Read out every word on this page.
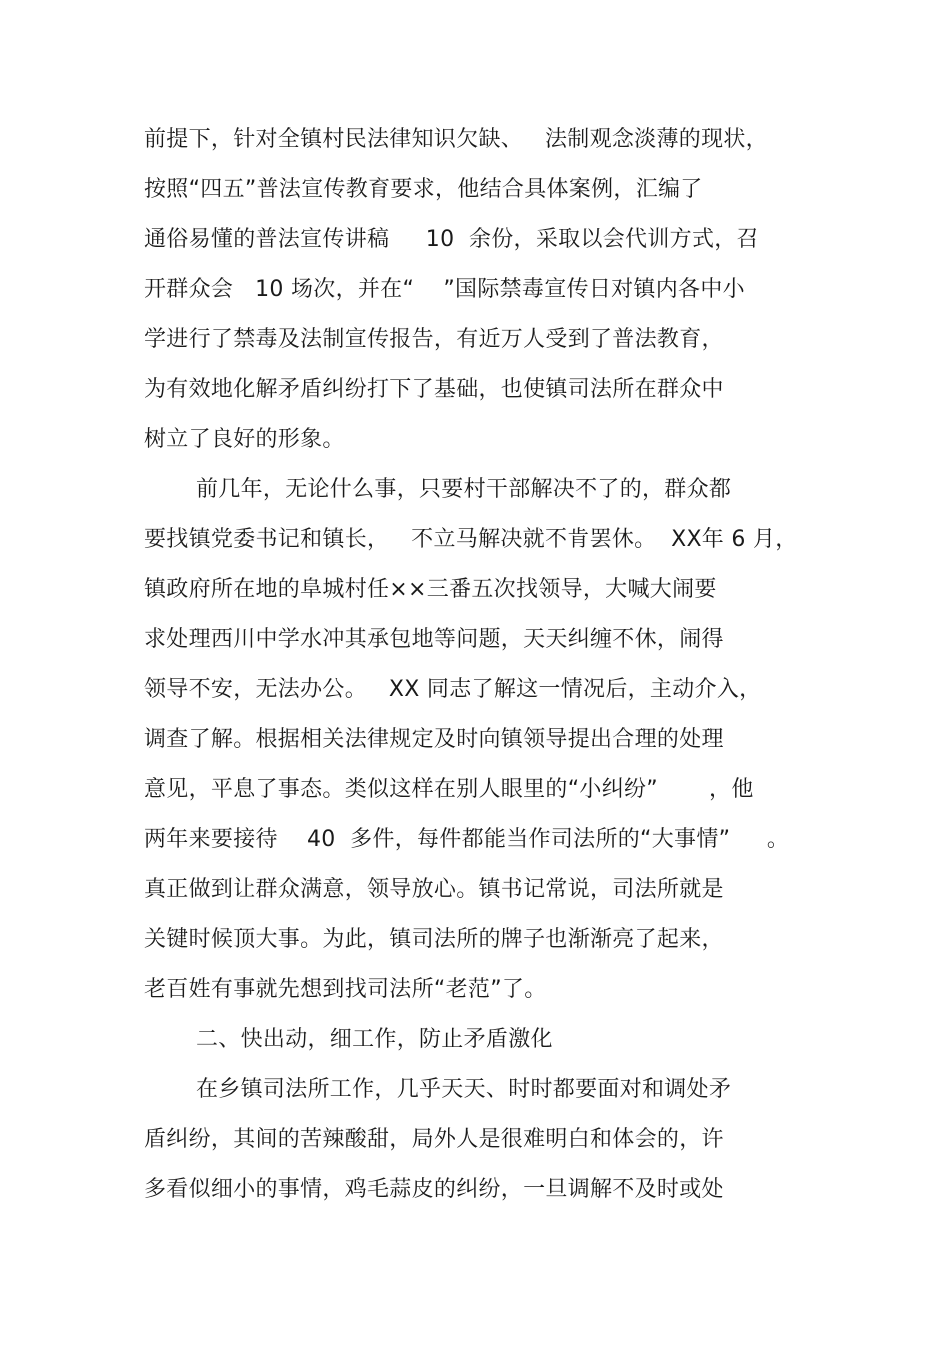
前提下，针对全镇村民法律知识欠缺、   法制观念淡薄的现状，
按照“四五”普法宣传教育要求，他结合具体案例，汇编了
通俗易懂的普法宣传讲稿     10  余份，采取以会代训方式，召
开群众会   10 场次，并在“    ”国际禁毒宣传日对镇内各中小
学进行了禁毒及法制宣传报告，有近万人受到了普法教育，
为有效地化解矛盾纠纷打下了基础，也使镇司法所在群众中
树立了良好的形象。
前几年，无论什么事，只要村干部解决不了的，群众都
要找镇党委书记和镇长，   不立马解决就不肯罢休。  XX年 6 月，
镇政府所在地的阜城村任××三番五次找领导，大喊大闹要
求处理西川中学水冲其承包地等问题，天天纠缠不休，闹得
领导不安，无法办公。   XX 同志了解这一情况后，主动介入，
调查了解。根据相关法律规定及时向镇领导提出合理的处理
意见，平息了事态。类似这样在别人眼里的“小纠纷”       ，他
两年来要接待    40  多件，每件都能当作司法所的“大事情”     。
真正做到让群众满意，领导放心。镇书记常说，司法所就是
关键时候顶大事。为此，镇司法所的牌子也渐渐亮了起来，
老百姓有事就先想到找司法所“老范”了。
二、快出动，细工作，防止矛盾激化
在乡镇司法所工作，几乎天天、时时都要面对和调处矛
盾纠纷，其间的苦辣酸甜，局外人是很难明白和体会的，许
多看似细小的事情，鸡毛蒜皮的纠纷，一旦调解不及时或处
